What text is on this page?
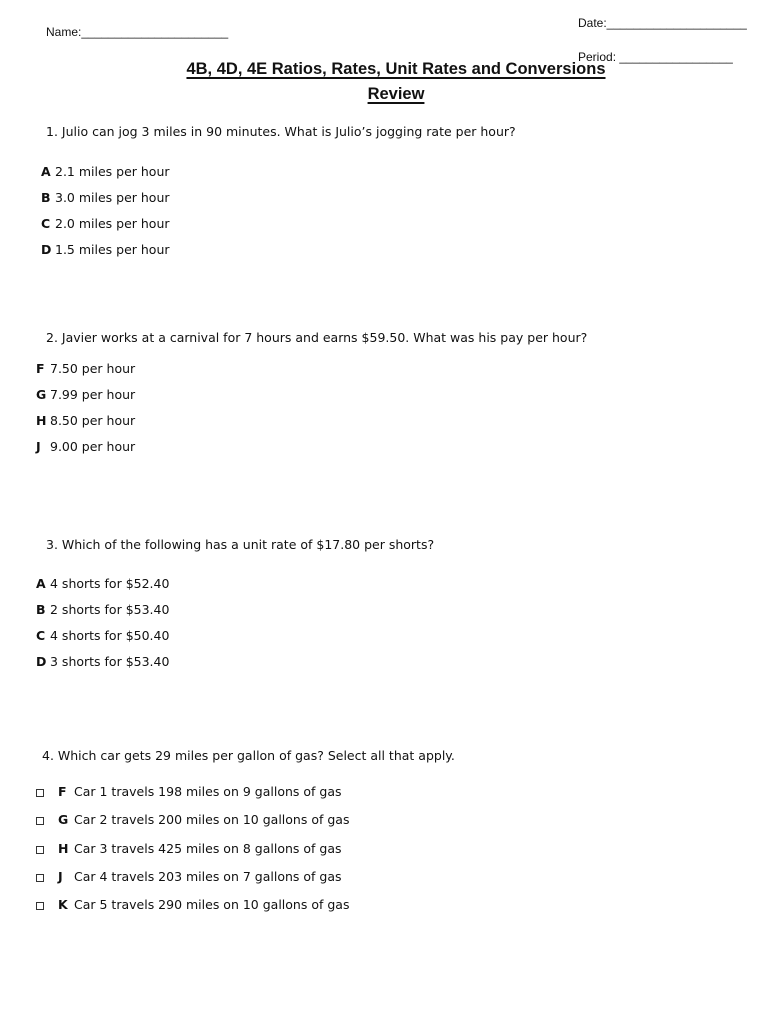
Name:______________________
Date:_____________________
Period: _________________
4B, 4D, 4E Ratios, Rates, Unit Rates and Conversions
Review
1. Julio can jog 3 miles in 90 minutes. What is Julio’s jogging rate per hour?
A 2.1 miles per hour
B 3.0 miles per hour
C 2.0 miles per hour
D 1.5 miles per hour
2. Javier works at a carnival for 7 hours and earns $59.50. What was his pay per hour?
F 7.50 per hour
G 7.99 per hour
H 8.50 per hour
J 9.00 per hour
3. Which of the following has a unit rate of $17.80 per shorts?
A 4 shorts for $52.40
B 2 shorts for $53.40
C 4 shorts for $50.40
D 3 shorts for $53.40
4. Which car gets 29 miles per gallon of gas? Select all that apply.
F Car 1 travels 198 miles on 9 gallons of gas
G Car 2 travels 200 miles on 10 gallons of gas
H Car 3 travels 425 miles on 8 gallons of gas
J Car 4 travels 203 miles on 7 gallons of gas
K Car 5 travels 290 miles on 10 gallons of gas
